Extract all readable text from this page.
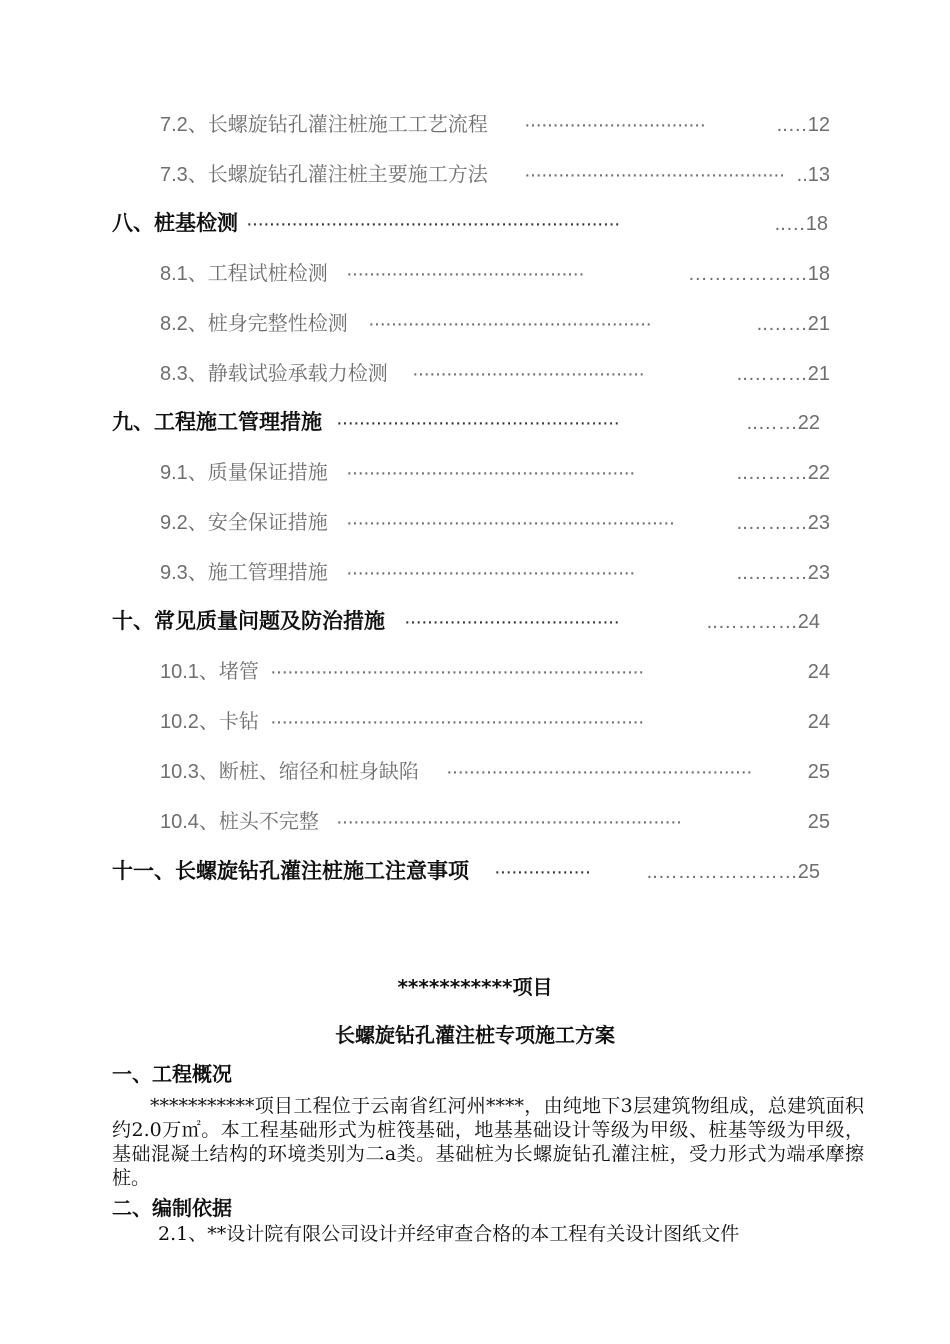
7.2、长螺旋钻孔灌注桩施工工艺流程 ································	..…12
7.3、长螺旋钻孔灌注桩主要施工方法 ·············································· ..13
八、桩基检测 ··································································	..…18
8.1、工程试桩检测 ··········································	………………18
8.2、桩身完整性检测 ··················································	..……21
8.3、静载试验承载力检测 ·········································	..………21
九、工程施工管理措施 ··················································	..……22
9.1、质量保证措施 ···················································	..………22
9.2、安全保证措施 ··························································	..………23
9.3、施工管理措施 ···················································	..………23
十、常见质量问题及防治措施 ······································	..…………24
10.1、堵管 ··································································	24
10.2、卡钻 ··································································	24
10.3、断桩、缩径和桩身缺陷 ······················································	25
10.4、桩头不完整 ·····························································	25
十一、长螺旋钻孔灌注桩施工注意事项 ·················	..…………………25
***********项目
长螺旋钻孔灌注桩专项施工方案
一、工程概况
***********项目工程位于云南省红河州****，由纯地下3层建筑物组成，总建筑面积约2.0万㎡。本工程基础形式为桩筏基础，地基基础设计等级为甲级、桩基等级为甲级，基础混凝土结构的环境类别为二a类。基础桩为长螺旋钻孔灌注桩，受力形式为端承摩擦桩。
二、编制依据
2.1、**设计院有限公司设计并经审查合格的本工程有关设计图纸文件
